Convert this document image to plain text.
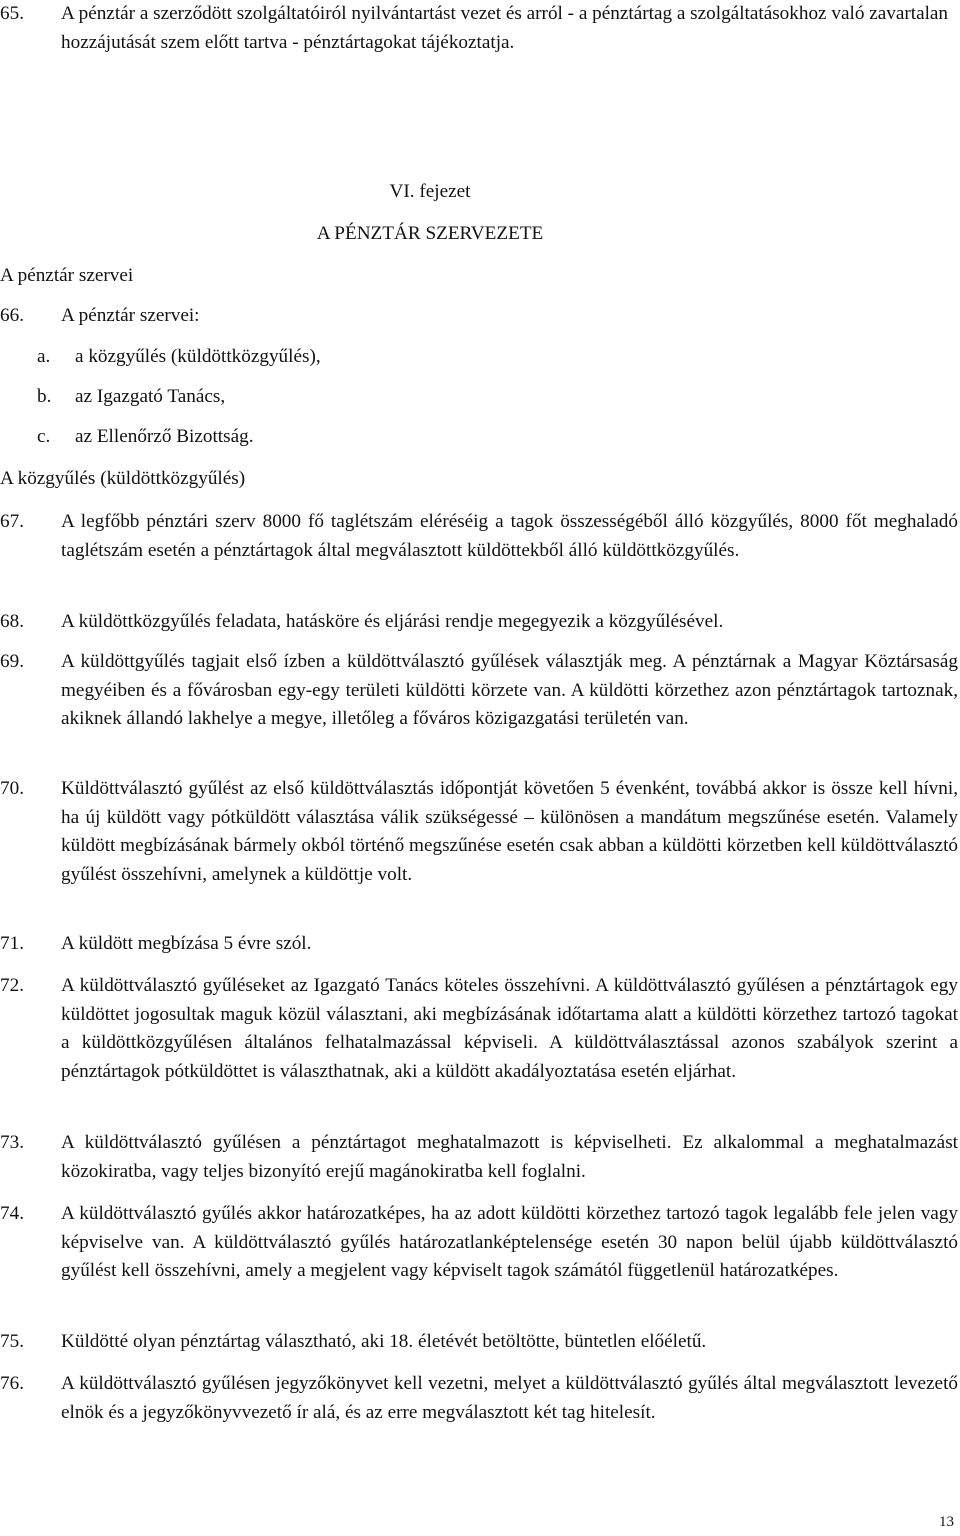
65. A pénztár a szerződött szolgáltatóiról nyilvántartást vezet és arról - a pénztártag a szolgáltatásokhoz való zavartalan hozzájutását szem előtt tartva - pénztártagokat tájékoztatja.
VI. fejezet
A PÉNZTÁR SZERVEZETE
A pénztár szervei
66. A pénztár szervei:
a. a közgyűlés (küldöttközgyűlés),
b. az Igazgató Tanács,
c. az Ellenőrző Bizottság.
A közgyűlés (küldöttközgyűlés)
67. A legfőbb pénztári szerv 8000 fő taglétszám eléréséig a tagok összességéből álló közgyűlés, 8000 főt meghaladó taglétszám esetén a pénztártagok által megválasztott küldöttekből álló küldöttközgyűlés.
68. A küldöttközgyűlés feladata, hatásköre és eljárási rendje megegyezik a közgyűlésével.
69. A küldöttgyűlés tagjait első ízben a küldöttválasztó gyűlések választják meg. A pénztárnak a Magyar Köztársaság megyéiben és a fővárosban egy-egy területi küldötti körzete van. A küldötti körzethez azon pénztártagok tartoznak, akiknek állandó lakhelye a megye, illetőleg a főváros közigazgatási területén van.
70. Küldöttválasztó gyűlést az első küldöttválasztás időpontját követően 5 évenként, továbbá akkor is össze kell hívni, ha új küldött vagy pótküldött választása válik szükségessé – különösen a mandátum megszűnése esetén. Valamely küldött megbízásának bármely okból történő megszűnése esetén csak abban a küldötti körzetben kell küldöttválasztó gyűlést összehívni, amelynek a küldöttje volt.
71. A küldött megbízása 5 évre szól.
72. A küldöttválasztó gyűléseket az Igazgató Tanács köteles összehívni. A küldöttválasztó gyűlésen a pénztártagok egy küldöttet jogosultak maguk közül választani, aki megbízásának időtartama alatt a küldötti körzethez tartozó tagokat a küldöttközgyűlésen általános felhatalmazással képviseli. A küldöttválasztással azonos szabályok szerint a pénztártagok pótküldöttet is választhatnak, aki a küldött akadályoztatása esetén eljárhat.
73. A küldöttválasztó gyűlésen a pénztártagot meghatalmazott is képviselheti. Ez alkalommal a meghatalmazást közokiratba, vagy teljes bizonyító erejű magánokiratba kell foglalni.
74. A küldöttválasztó gyűlés akkor határozatképes, ha az adott küldötti körzethez tartozó tagok legalább fele jelen vagy képviselve van. A küldöttválasztó gyűlés határozatlanképtelensége esetén 30 napon belül újabb küldöttválasztó gyűlést kell összehívni, amely a megjelent vagy képviselt tagok számától függetlenül határozatképes.
75. Küldötté olyan pénztártag választható, aki 18. életévét betöltötte, büntetlen előéletű.
76. A küldöttválasztó gyűlésen jegyzőkönyvet kell vezetni, melyet a küldöttválasztó gyűlés által megválasztott levezető elnök és a jegyzőkönyvvezető ír alá, és az erre megválasztott két tag hitelesít.
13
